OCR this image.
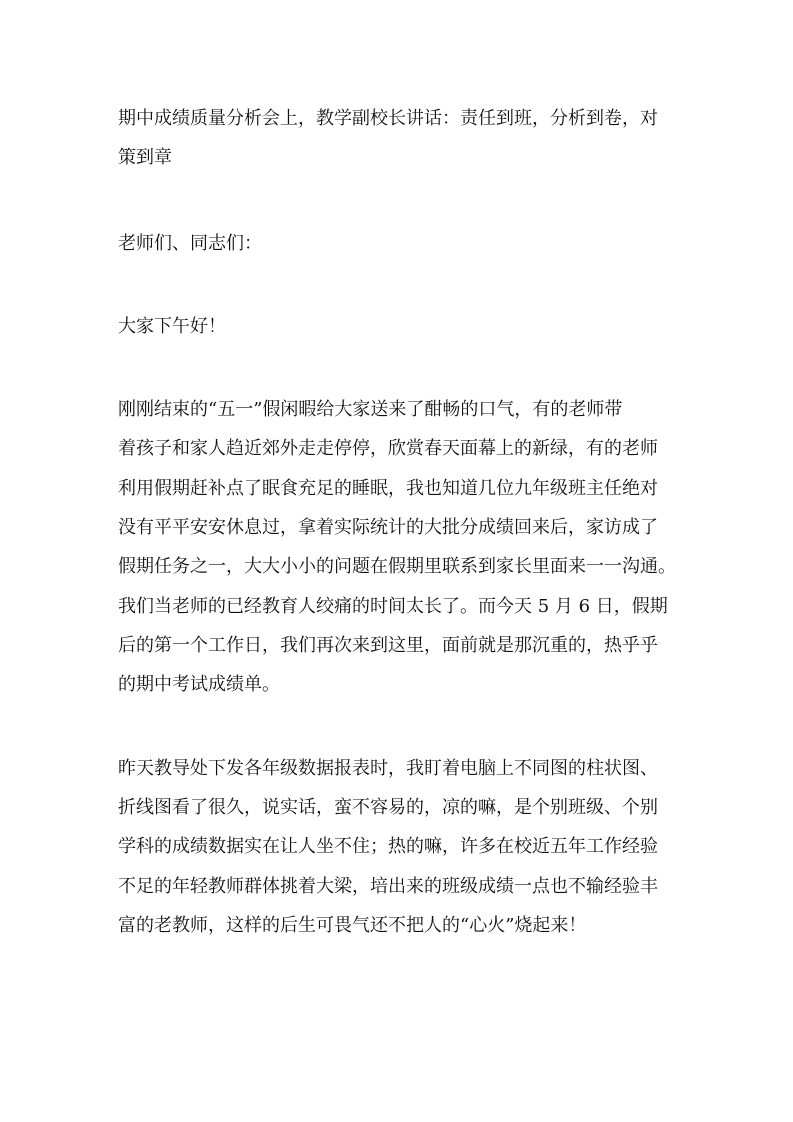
期中成绩质量分析会上，教学副校长讲话：责任到班，分析到卷，对
策到章
老师们、同志们：
大家下午好！
刚刚结束的“五一”假闲暇给大家送来了酣畅的口气，有的老师带
着孩子和家人趋近郊外走走停停，欣赏春天面幕上的新绿，有的老师
利用假期赶补点了眠食充足的睡眠，我也知道几位九年级班主任绝对
没有平平安安休息过，拿着实际统计的大批分成绩回来后，家访成了
假期任务之一，大大小小的问题在假期里联系到家长里面来一一沟通。
我们当老师的已经教育人绞痛的时间太长了。而今天 5 月 6 日，假期
后的第一个工作日，我们再次来到这里，面前就是那沉重的，热乎乎
的期中考试成绩单。
昨天教导处下发各年级数据报表时，我盯着电脑上不同图的柱状图、
折线图看了很久，说实话，蛮不容易的，凉的嘛，是个别班级、个别
学科的成绩数据实在让人坐不住；热的嘛，许多在校近五年工作经验
不足的年轻教师群体挑着大梁，培出来的班级成绩一点也不输经验丰
富的老教师，这样的后生可畏气还不把人的“心火”烧起来！
